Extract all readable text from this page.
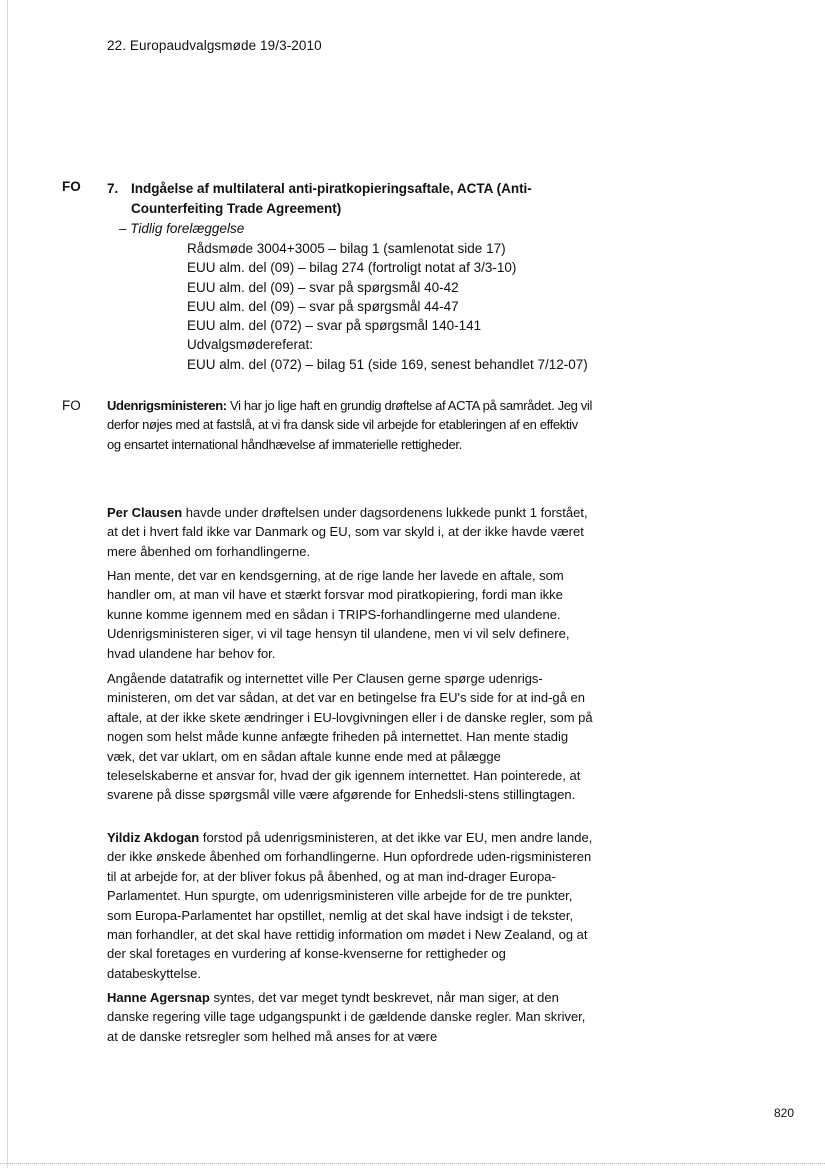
22. Europaudvalgsmøde 19/3-2010
FO 7. Indgåelse af multilateral anti-piratkopieringsaftale, ACTA (Anti-
Counterfeiting Trade Agreement)
– Tidlig forelæggelse
Rådsmøde 3004+3005 – bilag 1 (samlenotat side 17)
EUU alm. del (09) – bilag 274 (fortroligt notat af 3/3-10)
EUU alm. del (09) – svar på spørgsmål 40-42
EUU alm. del (09) – svar på spørgsmål 44-47
EUU alm. del (072) – svar på spørgsmål 140-141
Udvalgsmødereferat:
EUU alm. del (072) – bilag 51 (side 169, senest behandlet 7/12-07)
FO Udenrigsministeren: Vi har jo lige haft en grundig drøftelse af ACTA på samrådet. Jeg vil derfor nøjes med at fastslå, at vi fra dansk side vil arbejde for etableringen af en effektiv og ensartet international håndhævelse af immaterielle rettigheder.

Per Clausen havde under drøftelsen under dagsordenens lukkede punkt 1 forstået, at det i hvert fald ikke var Danmark og EU, som var skyld i, at der ikke havde været mere åbenhed om forhandlingerne.

Han mente, det var en kendsgerning, at de rige lande her lavede en aftale, som handler om, at man vil have et stærkt forsvar mod piratkopiering, fordi man ikke kunne komme igennem med en sådan i TRIPS-forhandlingerne med ulandene. Udenrigsministeren siger, vi vil tage hensyn til ulandene, men vi vil selv definere, hvad ulandene har behov for.

Angående datatrafik og internettet ville Per Clausen gerne spørge udenrigs-ministeren, om det var sådan, at det var en betingelse fra EU's side for at ind-gå en aftale, at der ikke skete ændringer i EU-lovgivningen eller i de danske regler, som på nogen som helst måde kunne anfægte friheden på internettet. Han mente stadig væk, det var uklart, om en sådan aftale kunne ende med at pålægge teleselskaberne et ansvar for, hvad der gik igennem internettet. Han pointerede, at svarene på disse spørgsmål ville være afgørende for Enhedsli-stens stillingtagen.

Yildiz Akdogan forstod på udenrigsministeren, at det ikke var EU, men andre lande, der ikke ønskede åbenhed om forhandlingerne. Hun opfordrede uden-rigsministeren til at arbejde for, at der bliver fokus på åbenhed, og at man ind-drager Europa-Parlamentet. Hun spurgte, om udenrigsministeren ville arbejde for de tre punkter, som Europa-Parlamentet har opstillet, nemlig at det skal have indsigt i de tekster, man forhandler, at det skal have rettidig information om mødet i New Zealand, og at der skal foretages en vurdering af konse-kvenserne for rettigheder og databeskyttelse.

Hanne Agersnap syntes, det var meget tyndt beskrevet, når man siger, at den danske regering ville tage udgangspunkt i de gældende danske regler. Man skriver, at de danske retsregler som helhed må anses for at være

820
